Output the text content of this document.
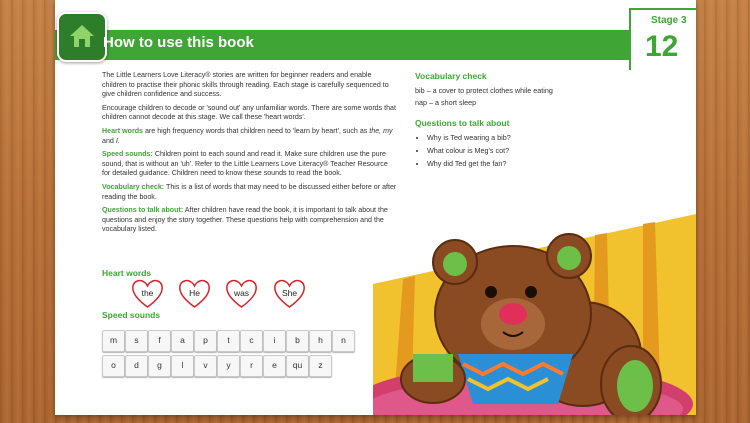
How to use this book
Stage 3
12

The Little Learners Love Literacy® stories are written for beginner readers and enable children to practise their phonic skills through reading. Each stage is carefully sequenced to give children confidence and success.

Encourage children to decode or 'sound out' any unfamiliar words. There are some words that children cannot decode at this stage. We call these 'heart words'.

Heart words are high frequency words that children need to 'learn by heart', such as the, my and I.

Speed sounds: Children point to each sound and read it. Make sure children use the pure sound, that is without an 'uh'. Refer to the Little Learners Love Literacy® Teacher Resource for detailed guidance. Children need to know these sounds to read the book.

Vocabulary check: This is a list of words that may need to be discussed either before or after reading the book.

Questions to talk about: After children have read the book, it is important to talk about the questions and enjoy the story together. These questions help with comprehension and the vocabulary listed.

Heart words
the	He	was	She
Speed sounds
m	s	f	a	p	t	c	i	b	h	n
o	d	g	l	v	y	r	e	qu	z
Vocabulary check

bib – a cover to protect clothes while eating

nap – a short sleep

Questions to talk about
• Why is Ted wearing a bib?
• What colour is Meg's cot?
• Why did Ted get the fan?
